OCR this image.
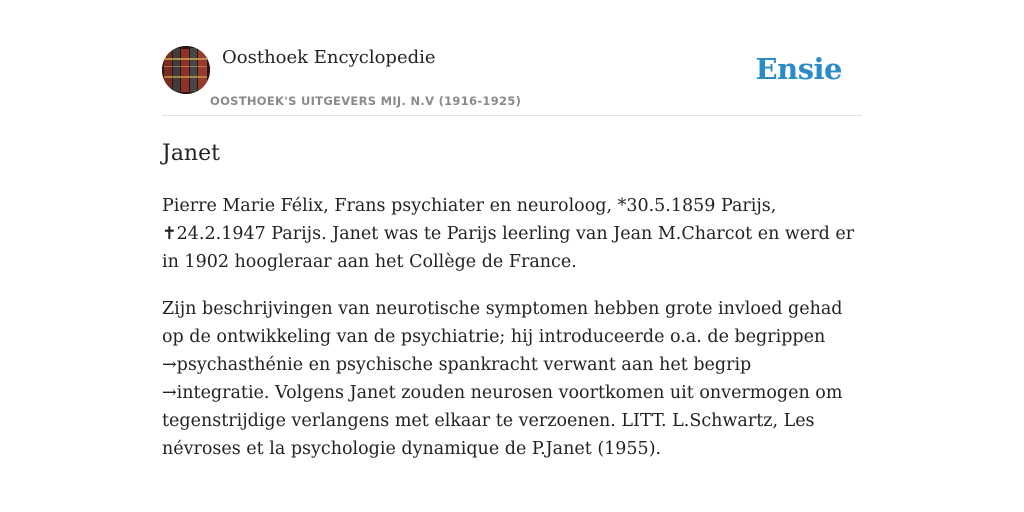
Oosthoek Encyclopedie
OOSTHOEK'S UITGEVERS MIJ. N.V (1916-1925)
Ensie
Janet

Pierre Marie Félix, Frans psychiater en neuroloog, *30.5.1859 Parijs, ✝24.2.1947 Parijs. Janet was te Parijs leerling van Jean M.Charcot en werd er in 1902 hoogleraar aan het Collège de France.

Zijn beschrijvingen van neurotische symptomen hebben grote invloed gehad op de ontwikkeling van de psychiatrie; hij introduceerde o.a. de begrippen →psychasthénie en psychische spankracht verwant aan het begrip →integratie. Volgens Janet zouden neurosen voortkomen uit onvermogen om tegenstrijdige verlangens met elkaar te verzoenen. LITT. L.Schwartz, Les névroses et la psychologie dynamique de P.Janet (1955).
